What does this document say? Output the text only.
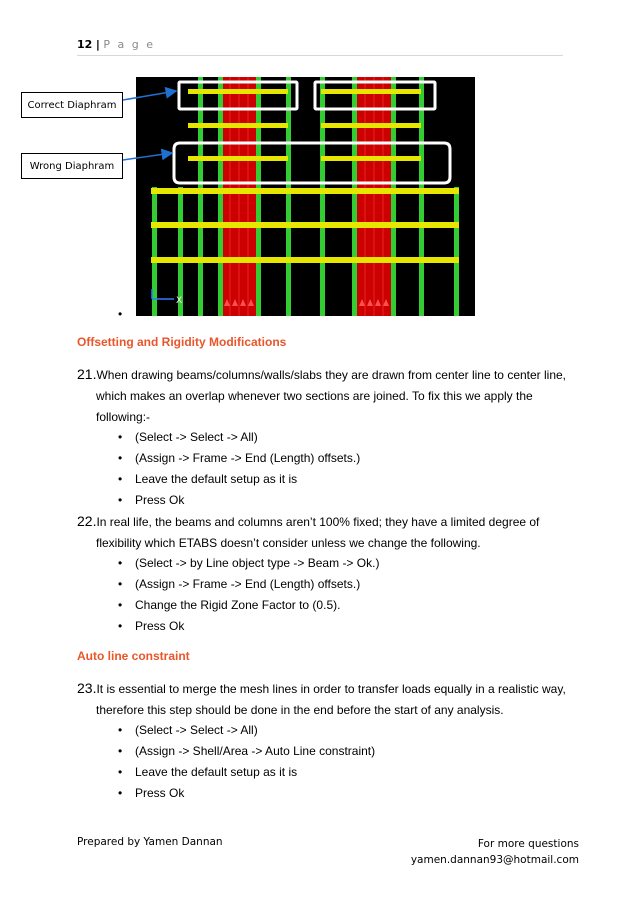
12 | P a g e
X
Correct Diaphram
Wrong Diaphram
•
Offsetting and Rigidity Modifications
21.When drawing beams/columns/walls/slabs they are drawn from center line to center line,
which makes an overlap whenever two sections are joined. To fix this we apply the
following:-
• (Select -> Select -> All)
• (Assign -> Frame -> End (Length) offsets.)
• Leave the default setup as it is
• Press Ok
22.In real life, the beams and columns aren’t 100% fixed; they have a limited degree of
flexibility which ETABS doesn’t consider unless we change the following.
• (Select -> by Line object type -> Beam -> Ok.)
• (Assign -> Frame -> End (Length) offsets.)
• Change the Rigid Zone Factor to (0.5).
• Press Ok
Auto line constraint
23.It is essential to merge the mesh lines in order to transfer loads equally in a realistic way,
therefore this step should be done in the end before the start of any analysis.
• (Select -> Select -> All)
• (Assign -> Shell/Area -> Auto Line constraint)
• Leave the default setup as it is
• Press Ok
Prepared by Yamen Dannan	For more questions
yamen.dannan93@hotmail.com
